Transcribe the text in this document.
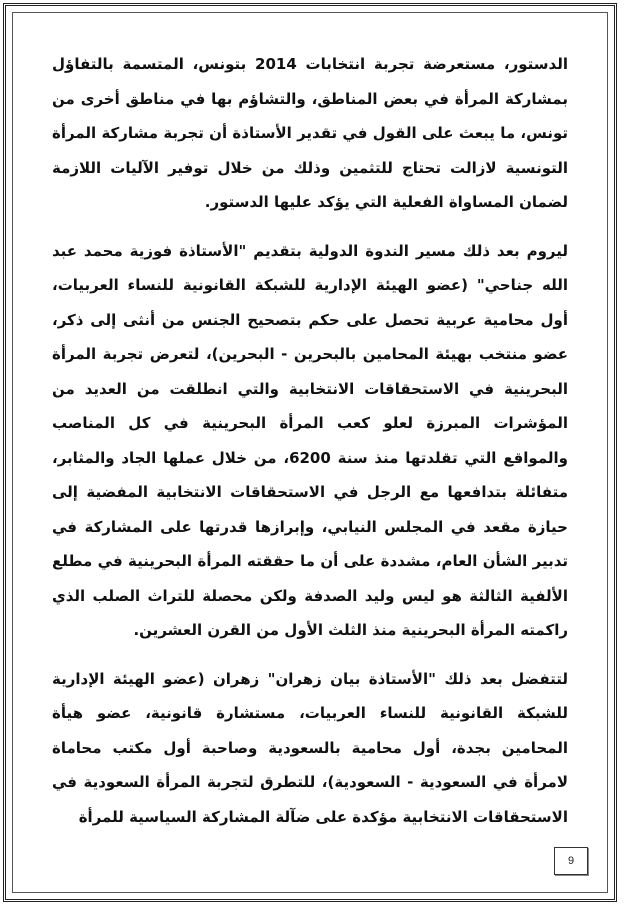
الدستور، مستعرضة تجربة انتخابات 2014 بتونس، المتسمة بالتفاؤل بمشاركة المرأة في بعض المناطق، والتشاؤم بها في مناطق أخرى من تونس، ما يبعث على القول في تقدير الأستاذة أن تجربة مشاركة المرأة التونسية لازالت تحتاج للتثمين وذلك من خلال توفير الآليات اللازمة لضمان المساواة الفعلية التي يؤكد عليها الدستور.

ليروم بعد ذلك مسير الندوة الدولية بتقديم "الأستاذة فوزية محمد عبد الله جناحي" (عضو الهيئة الإدارية للشبكة القانونية للنساء العربيات، أول محامية عربية تحصل على حكم بتصحيح الجنس من أنثى إلى ذكر، عضو منتخب بهيئة المحامين بالبحرين - البحرين)، لتعرض تجربة المرأة البحرينية في الاستحقاقات الانتخابية والتي انطلقت من العديد من المؤشرات المبرزة لعلو كعب المرأة البحرينية في كل المناصب والمواقع التي تقلدتها منذ سنة 6200، من خلال عملها الجاد والمثابر، متفائلة بتدافعها مع الرجل في الاستحقاقات الانتخابية المفضية إلى حيازة مقعد في المجلس النيابي، وإبرازها قدرتها على المشاركة في تدبير الشأن العام، مشددة على أن ما حققته المرأة البحرينية في مطلع الألفية الثالثة هو ليس وليد الصدفة ولكن محصلة للتراث الصلب الذي راكمته المرأة البحرينية منذ الثلث الأول من القرن العشرين.

لتتفضل بعد ذلك "الأستاذة بيان زهران" زهران (عضو الهيئة الإدارية للشبكة القانونية للنساء العربيات، مستشارة قانونية، عضو هيأة المحامين بجدة، أول محامية بالسعودية وصاحبة أول مكتب محاماة لامرأة في السعودية - السعودية)، للتطرق لتجربة المرأة السعودية في الاستحقاقات الانتخابية مؤكدة على ضآلة المشاركة السياسية للمرأة

9
